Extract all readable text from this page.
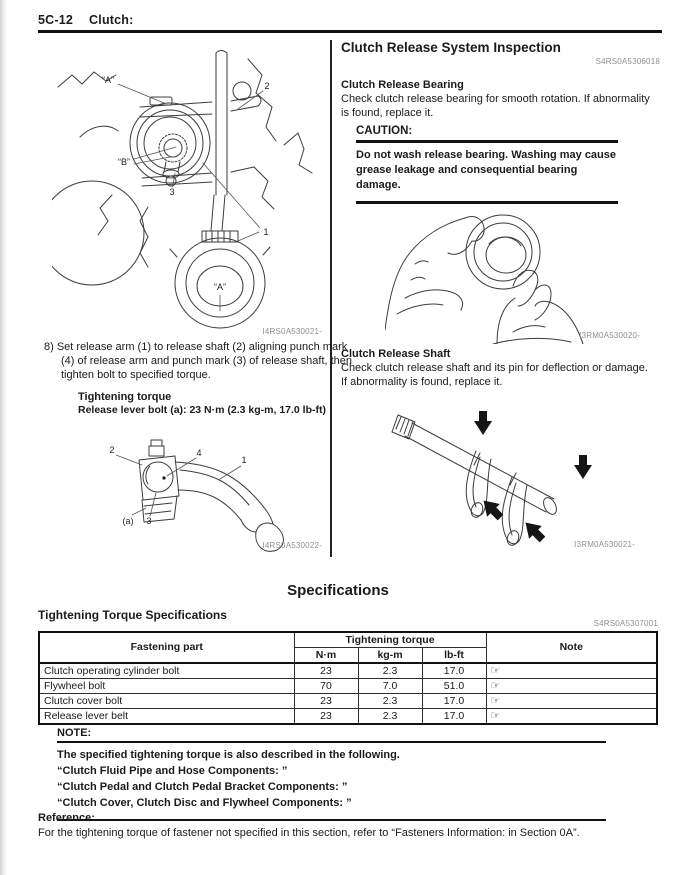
5C-12 Clutch:
“A”
2
“B”
3
1
“A”
I4RS0A530021-
8) Set release arm (1) to release shaft (2) aligning punch mark (4) of release arm and punch mark (3) of release shaft, then tighten bolt to specified torque.
Tightening torque
Release lever bolt (a): 23 N·m (2.3 kg-m, 17.0 lb-ft)
2	4
1
(a) 3
I4RS0A530022-
Clutch Release System Inspection
S4RS0A5306018
Clutch Release Bearing
Check clutch release bearing for smooth rotation. If abnormality is found, replace it.
CAUTION:
Do not wash release bearing. Washing may cause grease leakage and consequential bearing damage.
I3RM0A530020-
Clutch Release Shaft
Check clutch release shaft and its pin for deflection or damage.
If abnormality is found, replace it.
I3RM0A530021-
Specifications
Tightening Torque Specifications
S4RS0A5307001
Fastening part	Tightening torque			Note
	N·m	kg-m	lb-ft	
Clutch operating cylinder bolt	23	2.3	17.0	☞
Flywheel bolt	70	7.0	51.0	☞
Clutch cover bolt	23	2.3	17.0	☞
Release lever belt	23	2.3	17.0	☞
NOTE:
The specified tightening torque is also described in the following.
“Clutch Fluid Pipe and Hose Components: ”
“Clutch Pedal and Clutch Pedal Bracket Components: ”
“Clutch Cover, Clutch Disc and Flywheel Components: ”
Reference:
For the tightening torque of fastener not specified in this section, refer to “Fasteners Information: in Section 0A”.
